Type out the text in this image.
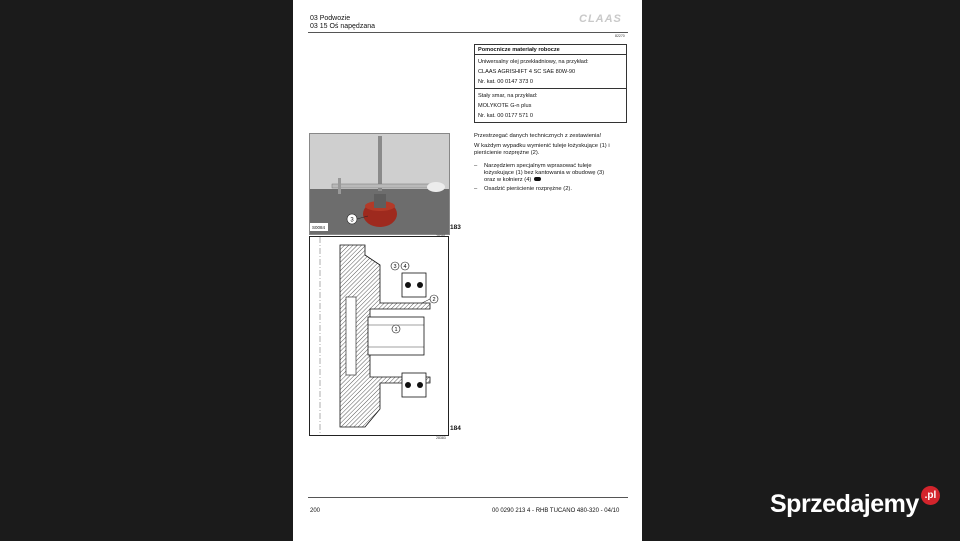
03 Podwozie
03 15 Oś napędzana
CLAAS
82270
Pomocnicze materiały robocze

Uniwersalny olej przekładniowy, na przykład:
CLAAS AGRISHIFT 4 SC SAE 80W-90
Nr. kat. 00 0147 373 0

Stały smar, na przykład:
MOLYKOTE G-n plus
Nr. kat. 00 0177 571 0
Przestrzegać danych technicznych z zestawienia!
W każdym wypadku wymienić tuleje łożyskujące (1) i
pierścienie rozprężne (2).
– Narzędziem specjalnym wprasować tuleje
łożyskujące (1) bez kantowania w obudowę (3)
oraz w kołnierz (4)
– Osadzić pierścienie rozprężne (2).
3
S0084	183
3 4
2
1
184
28383
200	00 0290 213 4 - RHB TUCANO 480-320 - 04/10	Sprzedajemy .pl
